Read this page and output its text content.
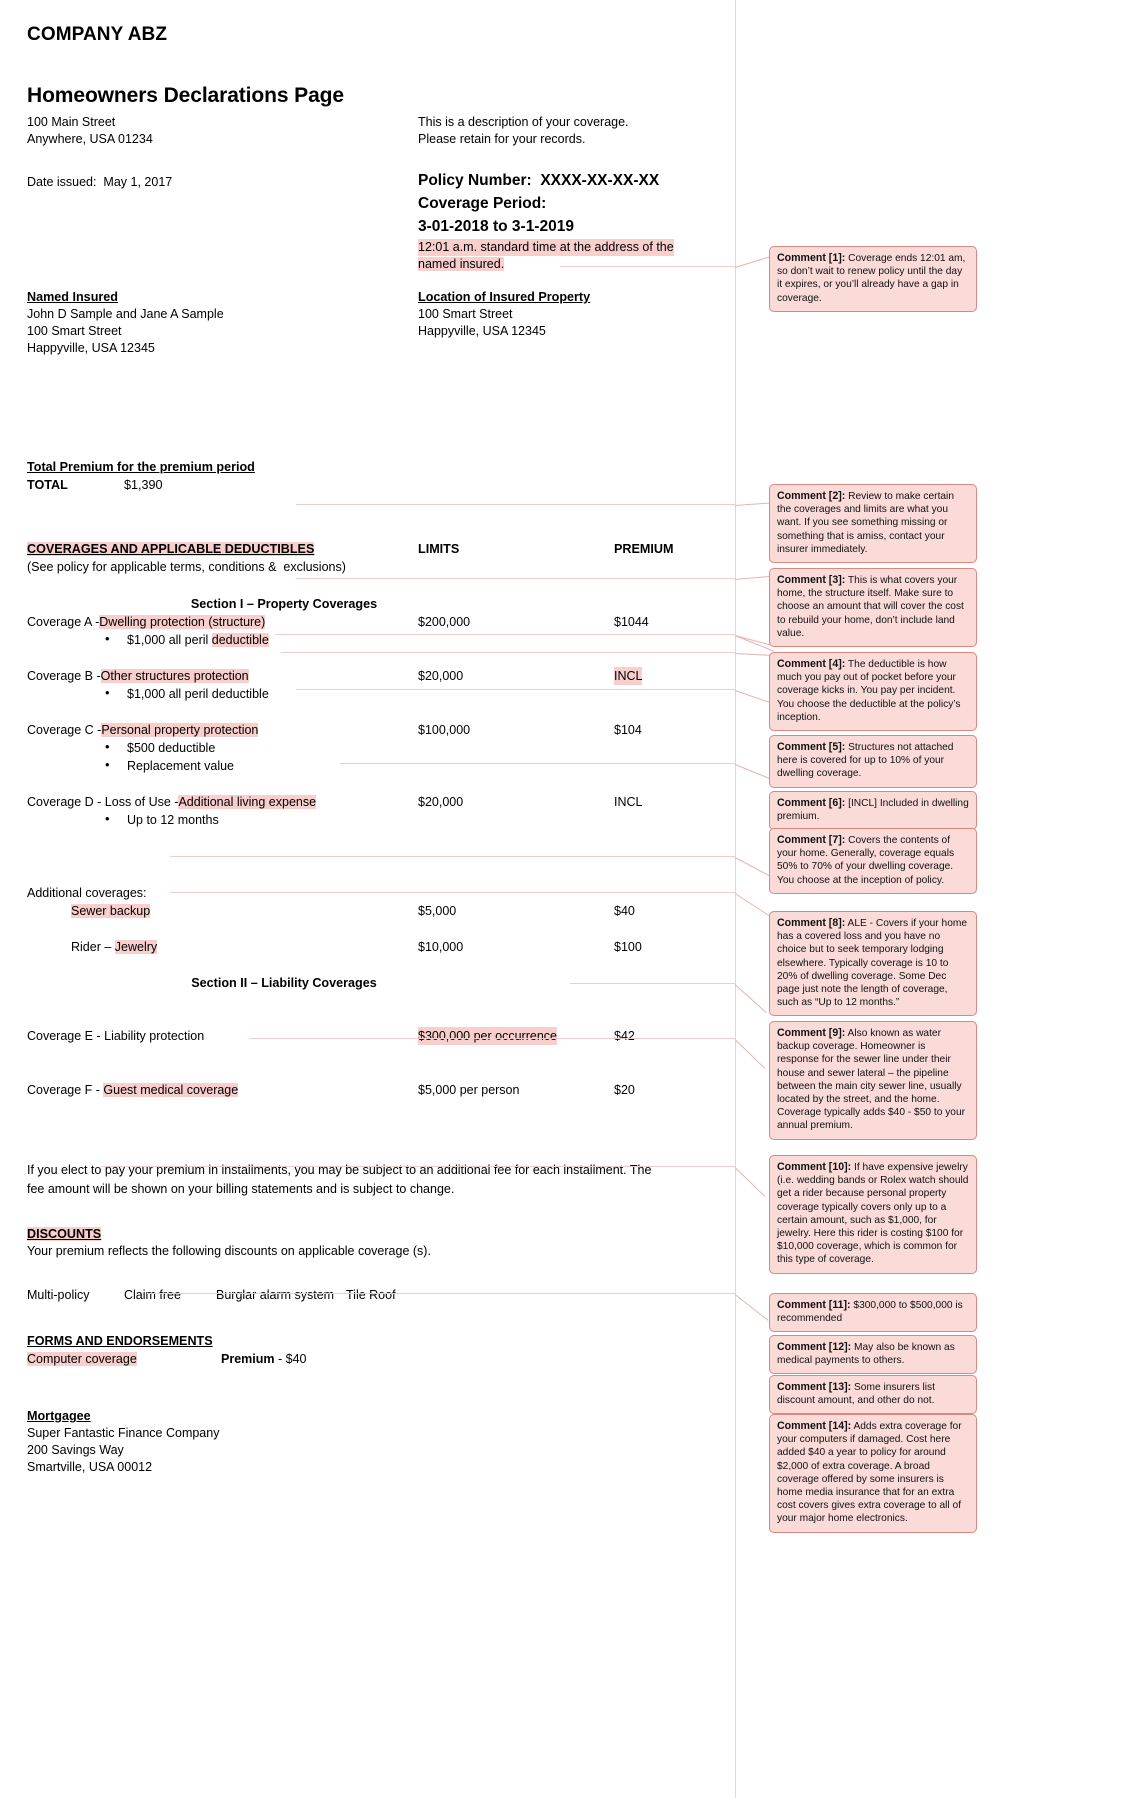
COMPANY ABZ
Homeowners Declarations Page
100 Main Street
Anywhere, USA 01234
Date issued:  May 1, 2017
This is a description of your coverage.
Please retain for your records.
Policy Number: XXXX-XX-XX-XX
Coverage Period:
3-01-2018 to 3-1-2019
12:01 a.m. standard time at the address of the
named insured.
Named Insured
John D Sample and Jane A Sample
100 Smart Street
Happyville, USA 12345
Location of Insured Property
100 Smart Street
Happyville, USA 12345
Total Premium for the premium period
TOTAL	$1,390
COVERAGES AND APPLICABLE DEDUCTIBLES	LIMITS	PREMIUM
(See policy for applicable terms, conditions &  exclusions)
Section I – Property Coverages
Coverage A -Dwelling protection (structure)	$200,000	$1044
• $1,000 all peril deductible
Coverage B -Other structures protection	$20,000	INCL
• $1,000 all peril deductible
Coverage C -Personal property protection	$100,000	$104
• $500 deductible
• Replacement value
Coverage D - Loss of Use -Additional living expense	$20,000	INCL
• Up to 12 months
Additional coverages:
Sewer backup	$5,000	$40
Rider – Jewelry	$10,000	$100
Section II – Liability Coverages
Coverage E - Liability protection	$300,000 per occurrence	$42
Coverage F - Guest medical coverage	$5,000 per person	$20
If you elect to pay your premium in installments, you may be subject to an additional fee for each installment. The
fee amount will be shown on your billing statements and is subject to change.
DISCOUNTS
Your premium reflects the following discounts on applicable coverage (s).
Multi-policy	Claim free	Burglar alarm system Tile Roof
FORMS AND ENDORSEMENTS
Computer coverage	Premium - $40
Mortgagee
Super Fantastic Finance Company
200 Savings Way
Smartville, USA 00012
Comment [1]: Coverage ends 12:01 am, so don’t wait to renew policy until the day it expires, or you’ll already have a gap in coverage.
Comment [2]: Review to make certain the coverages and limits are what you want. If you see something missing or something that is amiss, contact your insurer immediately.
Comment [3]: This is what covers your home, the structure itself. Make sure to choose an amount that will cover the cost to rebuild your home, don’t include land value.
Comment [4]: The deductible is how much you pay out of pocket before your coverage kicks in. You pay per incident. You choose the deductible at the policy’s inception.
Comment [5]: Structures not attached here is covered for up to 10% of your dwelling coverage.
Comment [6]: [INCL] Included in dwelling premium.
Comment [7]: Covers the contents of your home. Generally, coverage equals 50% to 70% of your dwelling coverage. You choose at the inception of policy.
Comment [8]: ALE - Covers if your home has a covered loss and you have no choice but to seek temporary lodging elsewhere. Typically coverage is 10 to 20% of dwelling coverage. Some Dec page just note the length of coverage, such as “Up to 12 months.”
Comment [9]: Also known as water backup coverage. Homeowner is response for the sewer line under their house and sewer lateral – the pipeline between the main city sewer line, usually located by the street, and the home. Coverage typically adds $40 - $50 to your annual premium.
Comment [10]: If have expensive jewelry (i.e. wedding bands or Rolex watch should get a rider because personal property coverage typically covers only up to a certain amount, such as $1,000, for jewelry. Here this rider is costing $100 for $10,000 coverage, which is common for this type of coverage.
Comment [11]: $300,000 to $500,000 is recommended
Comment [12]: May also be known as medical payments to others.
Comment [13]: Some insurers list discount amount, and other do not.
Comment [14]: Adds extra coverage for your computers if damaged. Cost here added $40 a year to policy for around $2,000 of extra coverage. A broad coverage offered by some insurers is home media insurance that for an extra cost covers gives extra coverage to all of your major home electronics.
